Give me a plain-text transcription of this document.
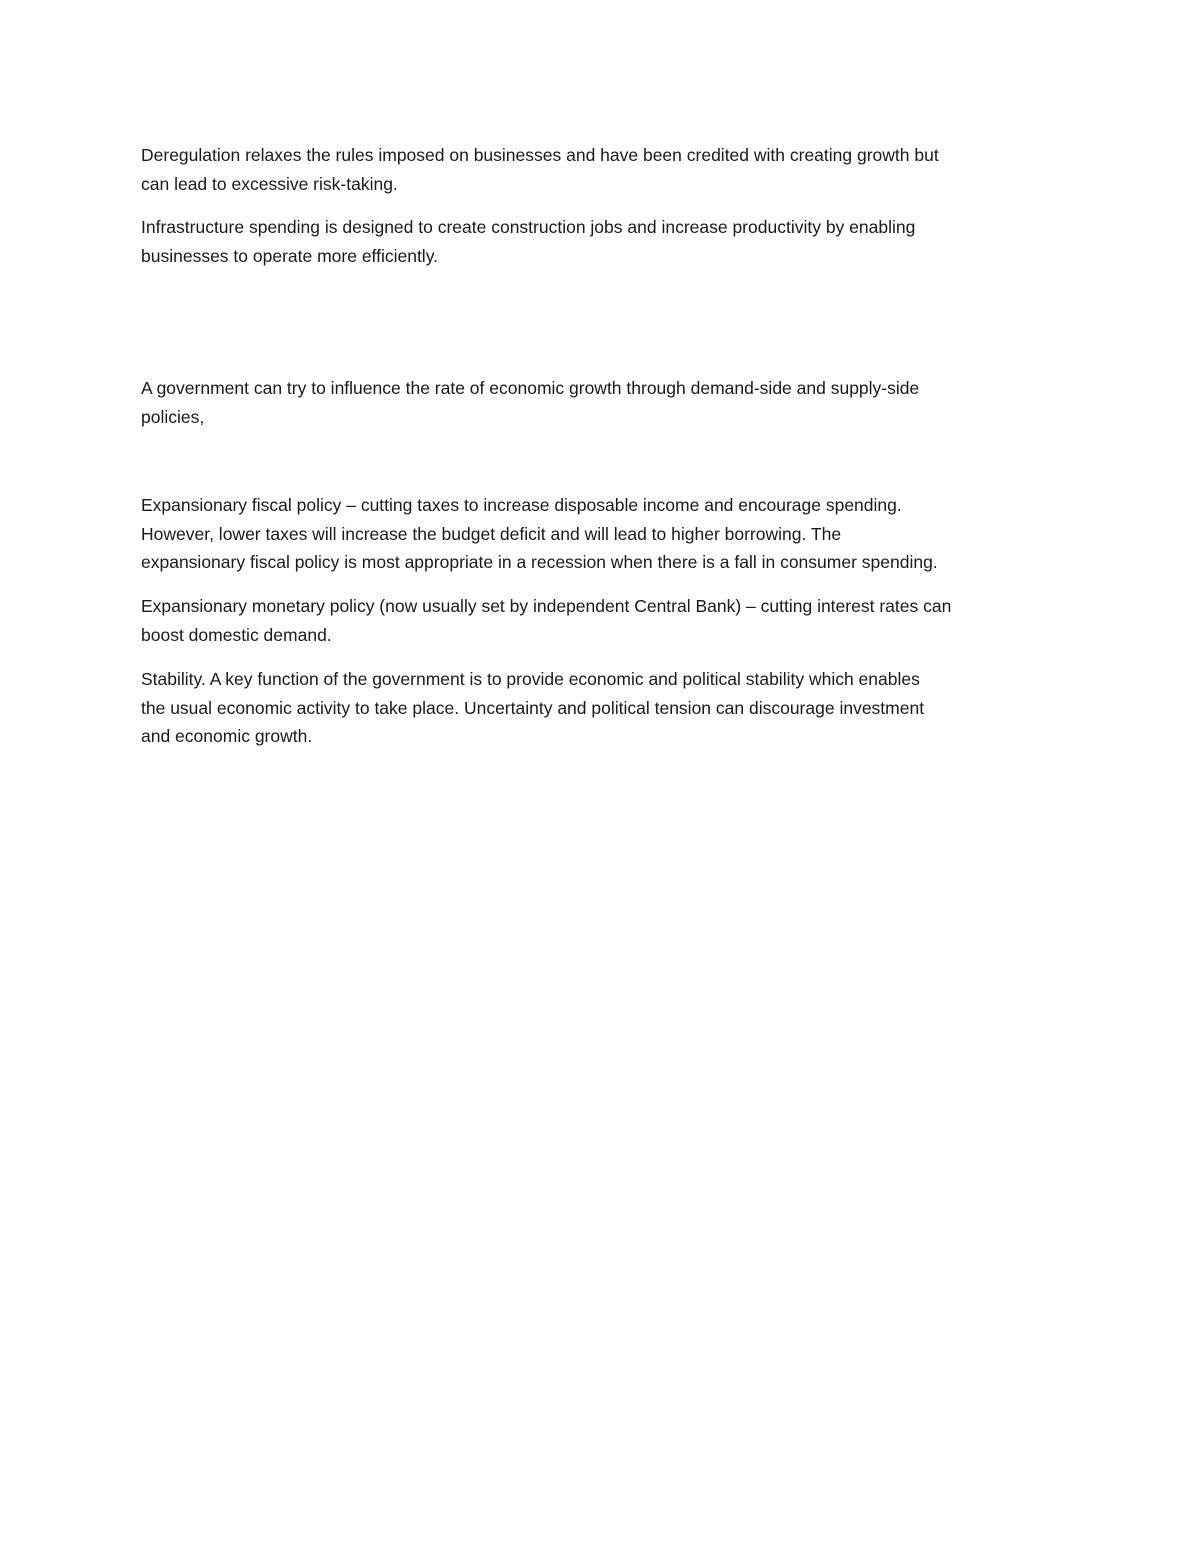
Deregulation relaxes the rules imposed on businesses and have been credited with creating growth but
can lead to excessive risk-taking.

Infrastructure spending is designed to create construction jobs and increase productivity by enabling
businesses to operate more efficiently.

A government can try to influence the rate of economic growth through demand-side and supply-side
policies,

Expansionary fiscal policy – cutting taxes to increase disposable income and encourage spending.
However, lower taxes will increase the budget deficit and will lead to higher borrowing. The
expansionary fiscal policy is most appropriate in a recession when there is a fall in consumer spending.

Expansionary monetary policy (now usually set by independent Central Bank) – cutting interest rates can
boost domestic demand.

Stability. A key function of the government is to provide economic and political stability which enables
the usual economic activity to take place. Uncertainty and political tension can discourage investment
and economic growth.
